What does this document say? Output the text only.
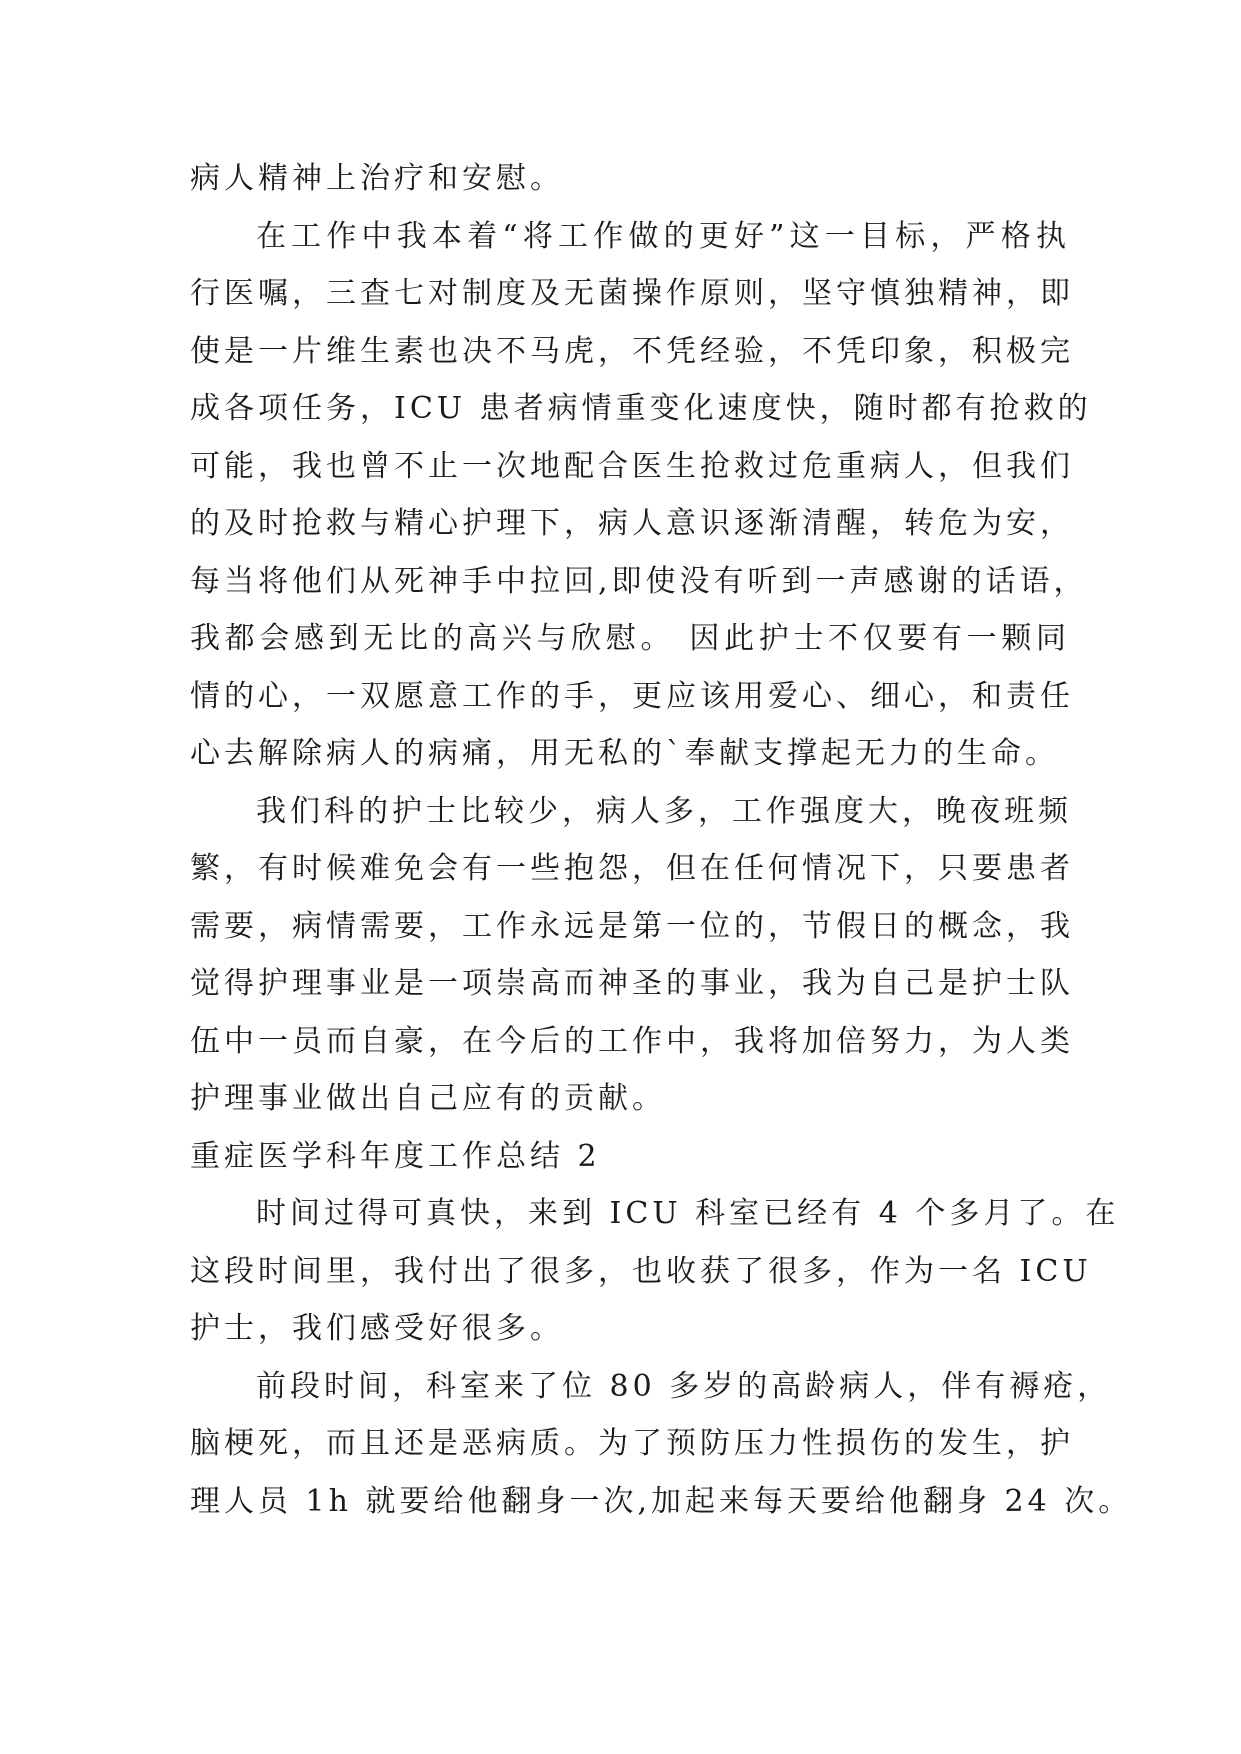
病人精神上治疗和安慰。
在工作中我本着“将工作做的更好”这一目标，严格执
行医嘱，三查七对制度及无菌操作原则，坚守慎独精神，即
使是一片维生素也决不马虎，不凭经验，不凭印象，积极完
成各项任务，ICU 患者病情重变化速度快，随时都有抢救的
可能，我也曾不止一次地配合医生抢救过危重病人，但我们
的及时抢救与精心护理下，病人意识逐渐清醒，转危为安，
每当将他们从死神手中拉回,即使没有听到一声感谢的话语，
我都会感到无比的高兴与欣慰。 因此护士不仅要有一颗同
情的心，一双愿意工作的手，更应该用爱心、细心，和责任
心去解除病人的病痛，用无私的`奉献支撑起无力的生命。
我们科的护士比较少，病人多，工作强度大，晚夜班频
繁，有时候难免会有一些抱怨，但在任何情况下，只要患者
需要，病情需要，工作永远是第一位的，节假日的概念，我
觉得护理事业是一项崇高而神圣的事业，我为自己是护士队
伍中一员而自豪，在今后的工作中，我将加倍努力，为人类
护理事业做出自己应有的贡献。
重症医学科年度工作总结 2
时间过得可真快，来到 ICU 科室已经有 4 个多月了。在
这段时间里，我付出了很多，也收获了很多，作为一名 ICU
护士，我们感受好很多。
前段时间，科室来了位 80 多岁的高龄病人，伴有褥疮，
脑梗死，而且还是恶病质。为了预防压力性损伤的发生，护
理人员 1h 就要给他翻身一次,加起来每天要给他翻身 24 次。
